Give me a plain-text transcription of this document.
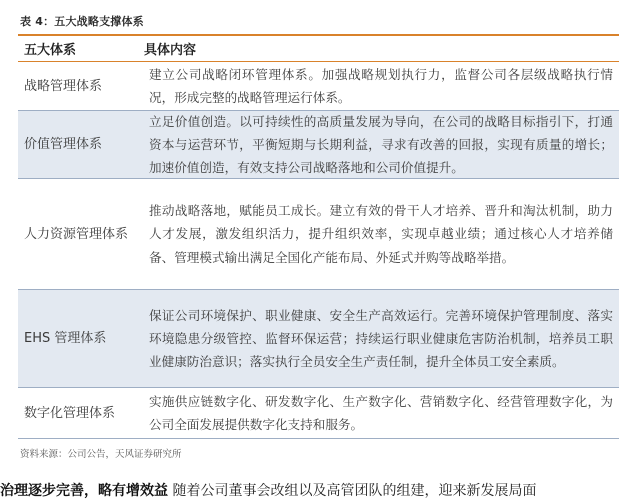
表 4：五大战略支撑体系
五大体系	具体内容
战略管理体系
建立公司战略闭环管理体系。加强战略规划执行力，监督公司各层级战略执行情况，形成完整的战略管理运行体系。
价值管理体系
立足价值创造。以可持续性的高质量发展为导向，在公司的战略目标指引下，打通资本与运营环节，平衡短期与长期利益，寻求有改善的回报，实现有质量的增长；加速价值创造，有效支持公司战略落地和公司价值提升。
人力资源管理体系
推动战略落地，赋能员工成长。建立有效的骨干人才培养、晋升和淘汰机制，助力人才发展，激发组织活力，提升组织效率，实现卓越业绩；通过核心人才培养储备、管理模式输出满足全国化产能布局、外延式并购等战略举措。
EHS 管理体系
保证公司环境保护、职业健康、安全生产高效运行。完善环境保护管理制度、落实环境隐患分级管控、监督环保运营；持续运行职业健康危害防治机制，培养员工职业健康防治意识；落实执行全员安全生产责任制，提升全体员工安全素质。
数字化管理体系
实施供应链数字化、研发数字化、生产数字化、营销数字化、经营管理数字化，为公司全面发展提供数字化支持和服务。
资料来源：公司公告，天风证券研究所
治理逐步完善，略有增效益 随着公司董事会改组以及高管团队的组建，迎来新发展局面
